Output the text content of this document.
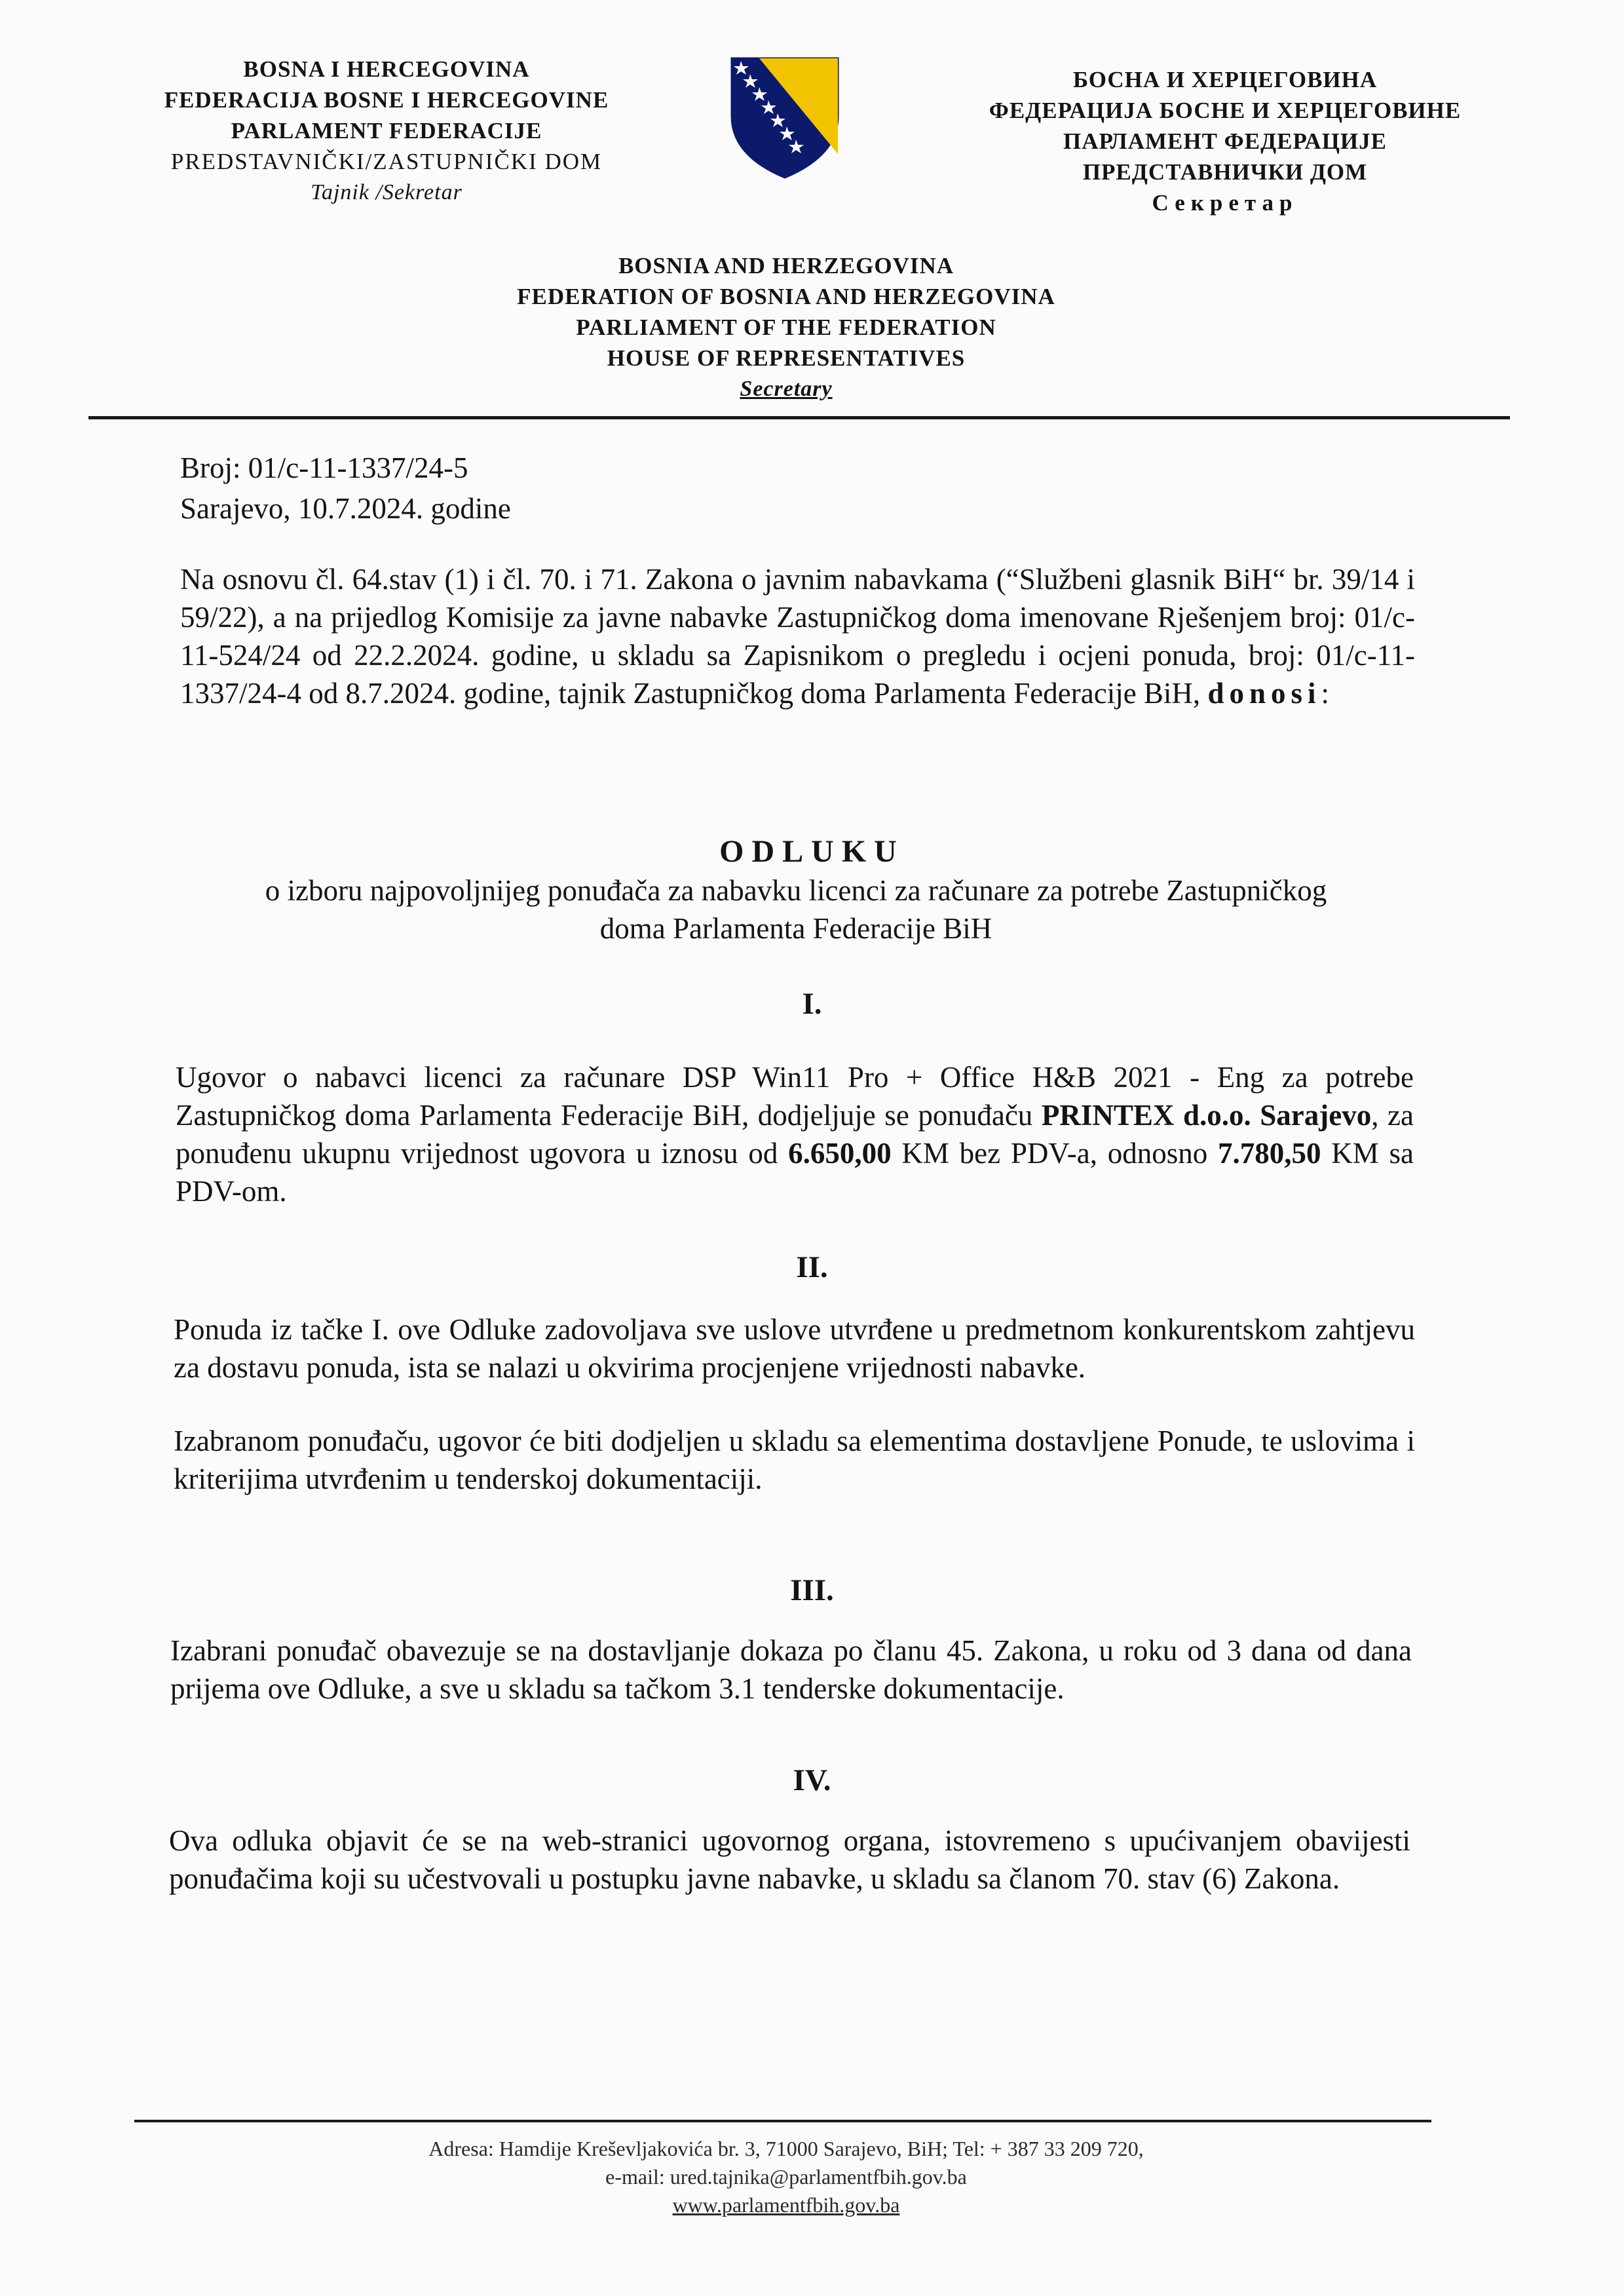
BOSNA I HERCEGOVINA
FEDERACIJA BOSNE I HERCEGOVINE
PARLAMENT FEDERACIJE
PREDSTAVNIČKI/ZASTUPNIČKI DOM
Tajnik /Sekretar
БОСНА И ХЕРЦЕГОВИНА
ФЕДЕРАЦИЈА БОСНЕ И ХЕРЦЕГОВИНЕ
ПАРЛАМЕНТ ФЕДЕРАЦИЈЕ
ПРЕДСТАВНИЧКИ ДОМ
Секретар
BOSNIA AND HERZEGOVINA
FEDERATION OF BOSNIA AND HERZEGOVINA
PARLIAMENT OF THE FEDERATION
HOUSE OF REPRESENTATIVES
Secretary
Broj: 01/c-11-1337/24-5
Sarajevo, 10.7.2024. godine
Na osnovu čl. 64.stav (1) i čl. 70. i 71. Zakona o javnim nabavkama (“Službeni glasnik BiH“ br. 39/14 i 59/22), a na prijedlog Komisije za javne nabavke Zastupničkog doma imenovane Rješenjem broj: 01/c-11-524/24 od 22.2.2024. godine, u skladu sa Zapisnikom o pregledu i ocjeni ponuda, broj: 01/c-11-1337/24-4 od 8.7.2024. godine, tajnik Zastupničkog doma Parlamenta Federacije BiH, donosi:
ODLUKU
o izboru najpovoljnijeg ponuđača za nabavku licenci za računare za potrebe Zastupničkog
doma Parlamenta Federacije BiH
I.
Ugovor o nabavci licenci za računare DSP Win11 Pro + Office H&B 2021 - Eng za potrebe Zastupničkog doma Parlamenta Federacije BiH, dodjeljuje se ponuđaču PRINTEX d.o.o. Sarajevo, za ponuđenu ukupnu vrijednost ugovora u iznosu od 6.650,00 KM bez PDV-a, odnosno 7.780,50 KM sa PDV-om.
II.
Ponuda iz tačke I. ove Odluke zadovoljava sve uslove utvrđene u predmetnom konkurentskom zahtjevu za dostavu ponuda, ista se nalazi u okvirima procjenjene vrijednosti nabavke.
Izabranom ponuđaču, ugovor će biti dodjeljen u skladu sa elementima dostavljene Ponude, te uslovima i kriterijima utvrđenim u tenderskoj dokumentaciji.
III.
Izabrani ponuđač obavezuje se na dostavljanje dokaza po članu 45. Zakona, u roku od 3 dana od dana prijema ove Odluke, a sve u skladu sa tačkom 3.1 tenderske dokumentacije.
IV.
Ova odluka objavit će se na web-stranici ugovornog organa, istovremeno s upućivanjem obavijesti ponuđačima koji su učestvovali u postupku javne nabavke, u skladu sa članom 70. stav (6) Zakona.
Adresa: Hamdije Kreševljakovića br. 3, 71000 Sarajevo, BiH; Tel: + 387 33 209 720,
e-mail: ured.tajnika@parlamentfbih.gov.ba
www.parlamentfbih.gov.ba
